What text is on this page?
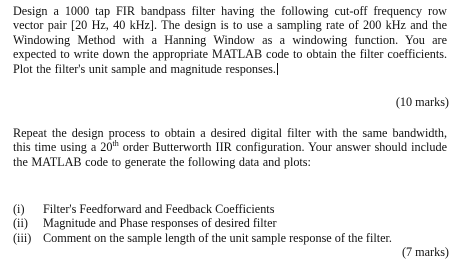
Design a 1000 tap FIR bandpass filter having the following cut-off frequency row vector pair [20 Hz, 40 kHz]. The design is to use a sampling rate of 200 kHz and the Windowing Method with a Hanning Window as a windowing function. You are expected to write down the appropriate MATLAB code to obtain the filter coefficients. Plot the filter's unit sample and magnitude responses.
(10 marks)
Repeat the design process to obtain a desired digital filter with the same bandwidth, this time using a 20th order Butterworth IIR configuration. Your answer should include the MATLAB code to generate the following data and plots:
(i)	Filter's Feedforward and Feedback Coefficients
(ii)	Magnitude and Phase responses of desired filter
(iii) Comment on the sample length of the unit sample response of the filter.
(7 marks)
